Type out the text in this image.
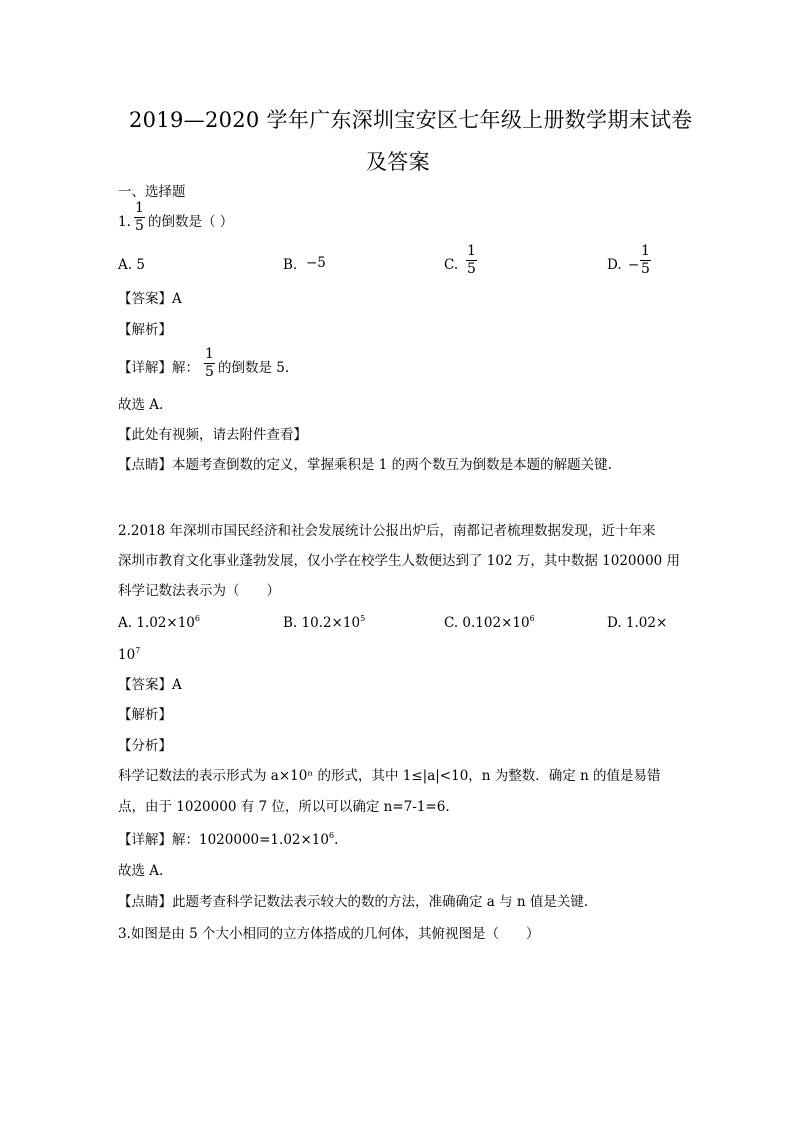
2019—2020 学年广东深圳宝安区七年级上册数学期末试卷
及答案
一、选择题
1.
1
5 的倒数是（ ）
A. 5	B. −5	C.
1
5	D. −
1
5
【答案】A
【解析】
【详解】解：
1
5 的倒数是 5.
故选 A.
【此处有视频，请去附件查看】
【点睛】本题考查倒数的定义，掌握乘积是 1 的两个数互为倒数是本题的解题关键.
2.2018 年深圳市国民经济和社会发展统计公报出炉后，南都记者梳理数据发现，近十年来
深圳市教育文化事业蓬勃发展，仅小学在校学生人数便达到了 102 万，其中数据 1020000 用
科学记数法表示为（　　）
A. $1.02\times 10^6$	B. $10.2\times 10^5$	C. $0.102\times 10^6$	D. 1.02×
$10^7$
【答案】A
【解析】
【分析】
科学记数法的表示形式为 a×10ⁿ 的形式，其中 1≤|a|<10，n 为整数．确定 n 的值是易错
点，由于 1020000 有 7 位，所以可以确定 n=7-1=6.
【详解】解：$1020000=1.02\times 10^6$.
故选 A.
【点睛】此题考查科学记数法表示较大的数的方法，准确确定 a 与 n 值是关键.
3.如图是由 5 个大小相同的立方体搭成的几何体，其俯视图是（　　）
